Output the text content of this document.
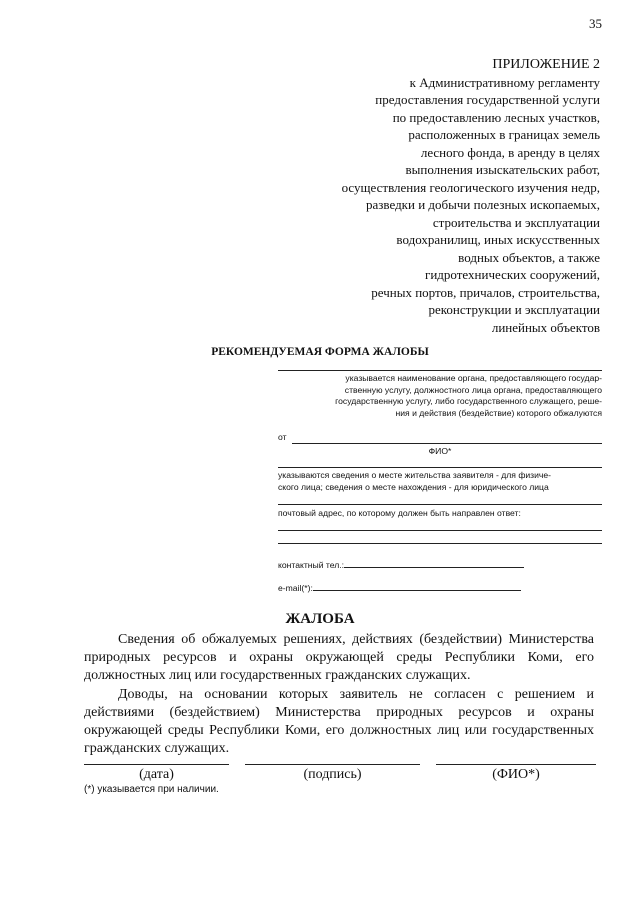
35
ПРИЛОЖЕНИЕ 2
к Административному регламенту
предоставления государственной услуги
по предоставлению лесных участков,
расположенных в границах земель
лесного фонда, в аренду в целях
выполнения изыскательских работ,
осуществления геологического изучения недр,
разведки и добычи полезных ископаемых,
строительства и эксплуатации
водохранилищ, иных искусственных
водных объектов, а также
гидротехнических сооружений,
речных портов, причалов, строительства,
реконструкции и эксплуатации
линейных объектов
РЕКОМЕНДУЕМАЯ ФОРМА ЖАЛОБЫ
указывается наименование органа, предоставляющего государ-
ственную услугу, должностного лица органа, предоставляющего
государственную услугу, либо государственного служащего, реше-
ния и действия (бездействие) которого обжалуются
от
ФИО*
указываются сведения о месте жительства заявителя - для физиче-
ского лица; сведения о месте нахождения - для юридического лица
почтовый адрес, по которому должен быть направлен ответ:
контактный тел.:
e-mail(*):
ЖАЛОБА
Сведения об обжалуемых решениях, действиях (бездействии) Министерства природных ресурсов и охраны окружающей среды Республики Коми, его должностных лиц или государственных гражданских служащих.
Доводы, на основании которых заявитель не согласен с решением и действиями (бездействием) Министерства природных ресурсов и охраны окружающей среды Республики Коми, его должностных лиц или государственных гражданских служащих.
(дата)	(подпись)	(ФИО*)
(*) указывается при наличии.
